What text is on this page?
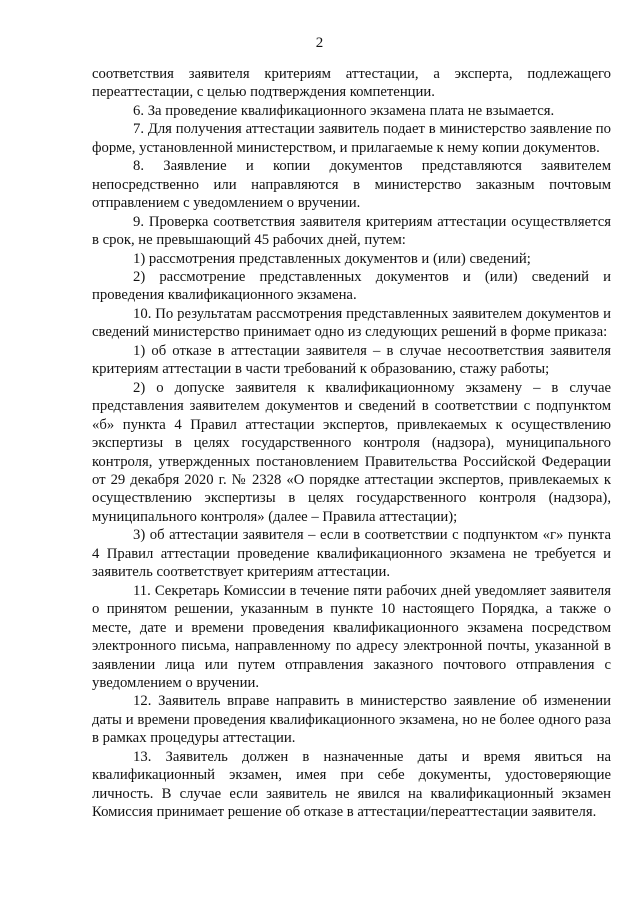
2

соответствия заявителя критериям аттестации, а эксперта, подлежащего переаттестации, с целью подтверждения компетенции.

6. За проведение квалификационного экзамена плата не взымается.

7. Для получения аттестации заявитель подает в министерство заявление по форме, установленной министерством, и прилагаемые к нему копии документов.

8. Заявление и копии документов представляются заявителем непосредственно или направляются в министерство заказным почтовым отправлением с уведомлением о вручении.

9. Проверка соответствия заявителя критериям аттестации осуществляется в срок, не превышающий 45 рабочих дней, путем:

1) рассмотрения представленных документов и (или) сведений;

2) рассмотрение представленных документов и (или) сведений и проведения квалификационного экзамена.

10. По результатам рассмотрения представленных заявителем документов и сведений министерство принимает одно из следующих решений в форме приказа:

1) об отказе в аттестации заявителя – в случае несоответствия заявителя критериям аттестации в части требований к образованию, стажу работы;

2) о допуске заявителя к квалификационному экзамену – в случае представления заявителем документов и сведений в соответствии с подпунктом «б» пункта 4 Правил аттестации экспертов, привлекаемых к осуществлению экспертизы в целях государственного контроля (надзора), муниципального контроля, утвержденных постановлением Правительства Российской Федерации от 29 декабря 2020 г. № 2328 «О порядке аттестации экспертов, привлекаемых к осуществлению экспертизы в целях государственного контроля (надзора), муниципального контроля» (далее – Правила аттестации);

3) об аттестации заявителя – если в соответствии с подпунктом «г» пункта 4 Правил аттестации проведение квалификационного экзамена не требуется и заявитель соответствует критериям аттестации.

11. Секретарь Комиссии в течение пяти рабочих дней уведомляет заявителя о принятом решении, указанным в пункте 10 настоящего Порядка, а также о месте, дате и времени проведения квалификационного экзамена посредством электронного письма, направленному по адресу электронной почты, указанной в заявлении лица или путем отправления заказного почтового отправления с уведомлением о вручении.

12. Заявитель вправе направить в министерство заявление об изменении даты и времени проведения квалификационного экзамена, но не более одного раза в рамках процедуры аттестации.

13. Заявитель должен в назначенные даты и время явиться на квалификационный экзамен, имея при себе документы, удостоверяющие личность. В случае если заявитель не явился на квалификационный экзамен Комиссия принимает решение об отказе в аттестации/переаттестации заявителя.
